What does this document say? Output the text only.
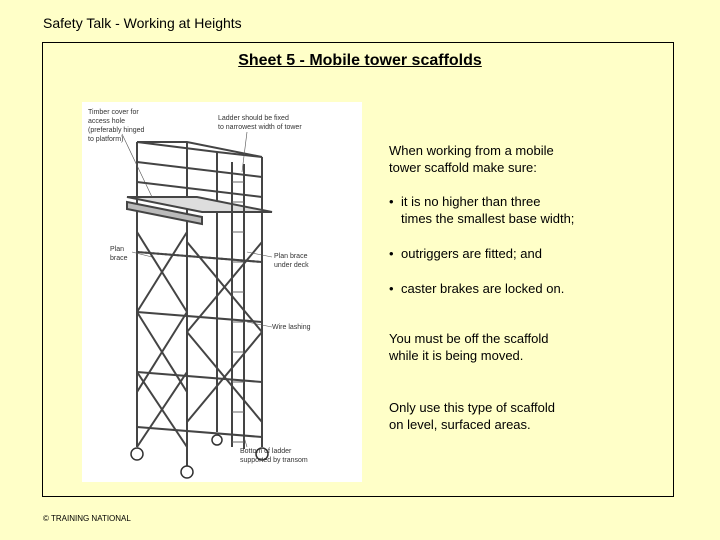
Safety Talk - Working at Heights
Sheet 5 - Mobile tower scaffolds
Timber cover for
access hole
(preferably hinged
to platform)
Ladder should be fixed
to narrowest width of tower
Plan
brace	Plan brace
under deck
Wire lashing
Bottom of ladder
supported by transom
When working from a mobile
tower scaffold make sure:
• it is no higher than three
times the smallest base width;
• outriggers are fitted; and
• caster brakes are locked on.
You must be off the scaffold
while it is being moved.
Only use this type of scaffold
on level, surfaced areas.
© TRAINING NATIONAL
